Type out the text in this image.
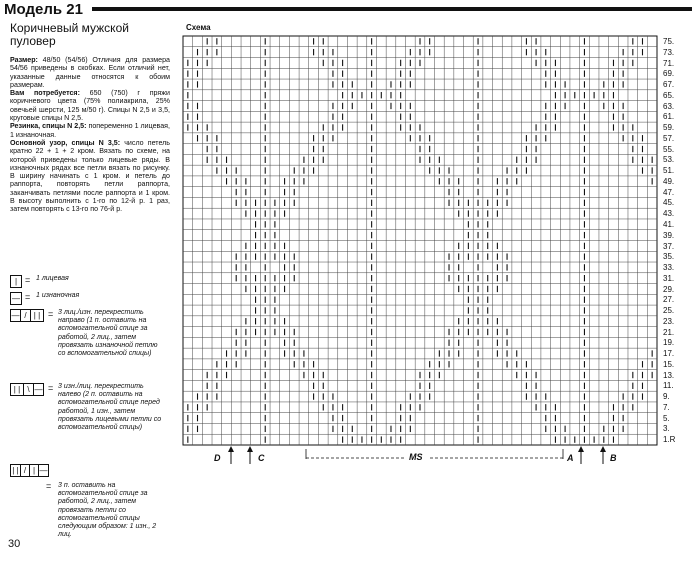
Модель 21
Коричневый мужской пуловер

Размер: 48/50 (54/56) Отличия для размера 54/56 приведены в скобках. Если отличий нет, указанные данные относятся к обоим размерам.

Вам потребуется: 650 (750) г пряжи коричневого цвета (75% полиакрила, 25% овечьей шерсти, 125 м/50 г). Спицы N 2,5 и 3,5, круговые спицы N 2,5.

Резинка, спицы N 2,5: попеременно 1 лицевая, 1 изнаночная.

Основной узор, спицы N 3,5: число петель кратно 22 + 1 + 2 кром. Вязать по схеме, на которой приведены только лицевые ряды. В изнаночных рядах все петли вязать по рисунку. В ширину начинать с 1 кром. и петель до раппорта, повторять петли раппорта, заканчивать петлями после раппорта и 1 кром. В высоту выполнить с 1-го по 12-й р. 1 раз, затем повторять с 13-го по 76-й р.

| = 1 лицевая
— = 1 изнаночная
— / | | = 3 лиц./изн. перекрестить направо (1 п. оставить на вспомогательной спице за работой, 2 лиц., затем провязать изнаночной петлю со вспомогательной спицы)
| | \ — = 3 изн./лиц. перекрестить налево (2 п. оставить на вспомогательной спице перед работой, 1 изн., затем провязать лицевыми петли со вспомогательной спицы)
| | / | —
= 3 п. оставить на вспомогательной спице за работой, 2 лиц., затем провязать петли со вспомогательной спицы следующим образом: 1 изн., 2 лиц.
30
Схема
D	C	MS	A	B
75.
73.
71.
69.
67.
65.
63.
61.
59.
57.
55.
53.
51.
49.
47.
45.
43.
41.
39.
37.
35.
33.
31.
29.
27.
25.
23.
21.
19.
17.
15.
13.
11.
9.
7.
5.
3.
1.R
